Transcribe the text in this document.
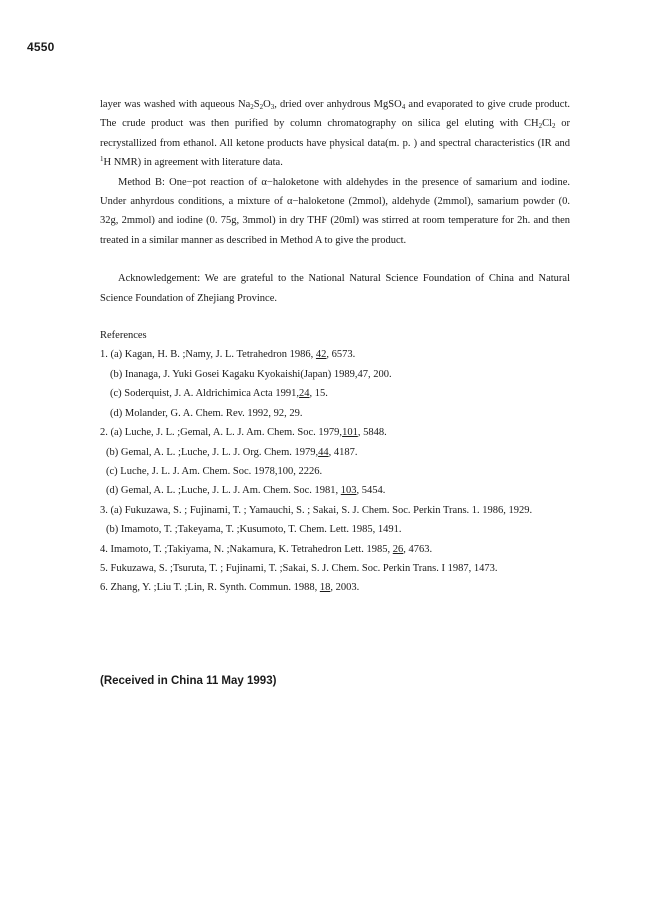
4550

layer was washed with aqueous $Na_2S_2O_3$, dried over anhydrous MgSO$_4$ and evaporated to give crude product. The crude product was then purified by column chromatography on silica gel eluting with $CH_2Cl_2$ or recrystallized from ethanol. All ketone products have physical data(m. p. ) and spectral characteristics (IR and $^1$H NMR) in agreement with literature data.

Method B: One−pot reaction of α−haloketone with aldehydes in the presence of samarium and iodine. Under anhyrdous conditions, a mixture of α−haloketone (2mmol), aldehyde (2mmol), samarium powder (0. 32g, 2mmol) and iodine (0. 75g, 3mmol) in dry THF (20ml) was stirred at room temperature for 2h. and then treated in a similar manner as described in Method A to give the product.

Acknowledgement: We are grateful to the National Natural Science Foundation of China and Natural Science Foundation of Zhejiang Province.

References

1. (a) Kagan, H. B. ;Namy, J. L. Tetrahedron 1986, 42, 6573.

(b) Inanaga, J. Yuki Gosei Kagaku Kyokaishi(Japan) 1989,47, 200.

(c) Soderquist, J. A. Aldrichimica Acta 1991,24, 15.

(d) Molander, G. A. Chem. Rev. 1992, 92, 29.

2. (a) Luche, J. L. ;Gemal, A. L. J. Am. Chem. Soc. 1979,101, 5848.

(b) Gemal, A. L. ;Luche, J. L. J. Org. Chem. 1979,44, 4187.

(c) Luche, J. L. J. Am. Chem. Soc. 1978,100, 2226.

(d) Gemal, A. L. ;Luche, J. L. J. Am. Chem. Soc. 1981, 103, 5454.

3. (a) Fukuzawa, S. ; Fujinami, T. ; Yamauchi, S. ; Sakai, S. J. Chem. Soc. Perkin Trans. 1. 1986, 1929.

(b) Imamoto, T. ;Takeyama, T. ;Kusumoto, T. Chem. Lett. 1985, 1491.

4. Imamoto, T. ;Takiyama, N. ;Nakamura, K. Tetrahedron Lett. 1985, 26, 4763.

5. Fukuzawa, S. ;Tsuruta, T. ; Fujinami, T. ;Sakai, S. J. Chem. Soc. Perkin Trans. I 1987, 1473.

6. Zhang, Y. ;Liu T. ;Lin, R. Synth. Commun. 1988, 18, 2003.

(Received in China 11 May 1993)
